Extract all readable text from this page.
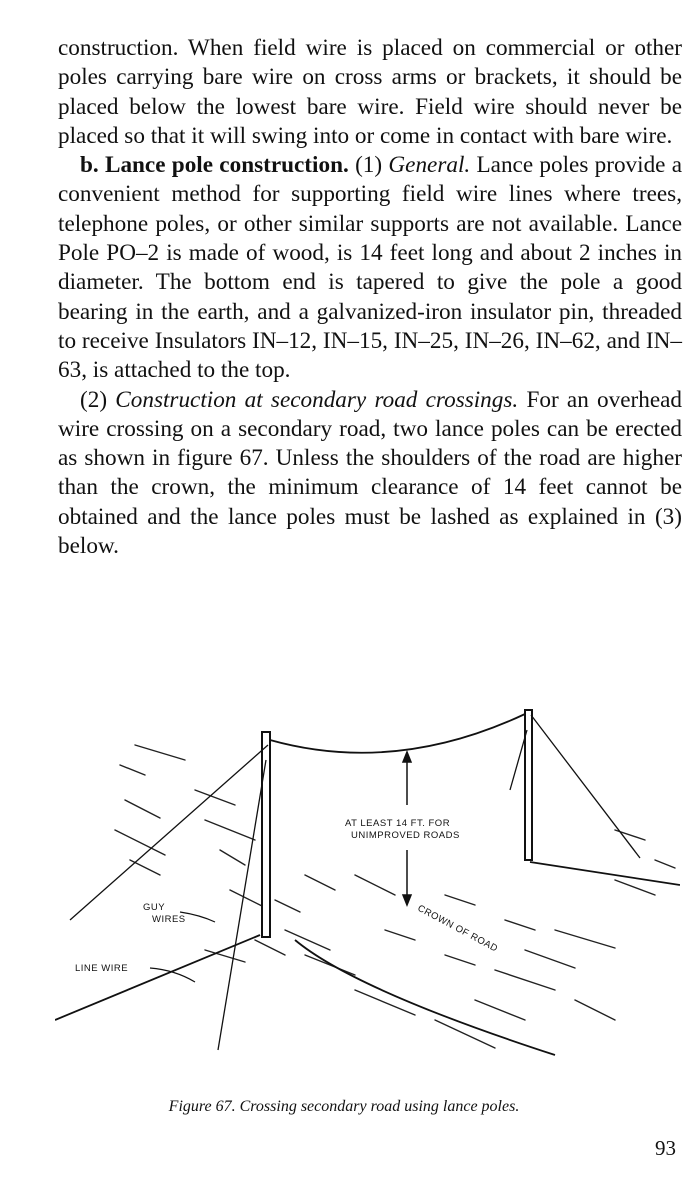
construction. When field wire is placed on commercial or other poles carrying bare wire on cross arms or brackets, it should be placed below the lowest bare wire. Field wire should never be placed so that it will swing into or come in contact with bare wire.

b. Lance pole construction. (1) General. Lance poles provide a convenient method for supporting field wire lines where trees, telephone poles, or other similar supports are not available. Lance Pole PO–2 is made of wood, is 14 feet long and about 2 inches in diameter. The bottom end is tapered to give the pole a good bearing in the earth, and a galvanized-iron insulator pin, threaded to receive Insulators IN–12, IN–15, IN–25, IN–26, IN–62, and IN–63, is attached to the top.

(2) Construction at secondary road crossings. For an overhead wire crossing on a secondary road, two lance poles can be erected as shown in figure 67. Unless the shoulders of the road are higher than the crown, the minimum clearance of 14 feet cannot be obtained and the lance poles must be lashed as explained in (3) below.

AT LEAST 14 FT. FOR
UNIMPROVED ROADS
GUY
WIRES
LINE WIRE
CROWN OF ROAD
Figure 67. Crossing secondary road using lance poles.
93
